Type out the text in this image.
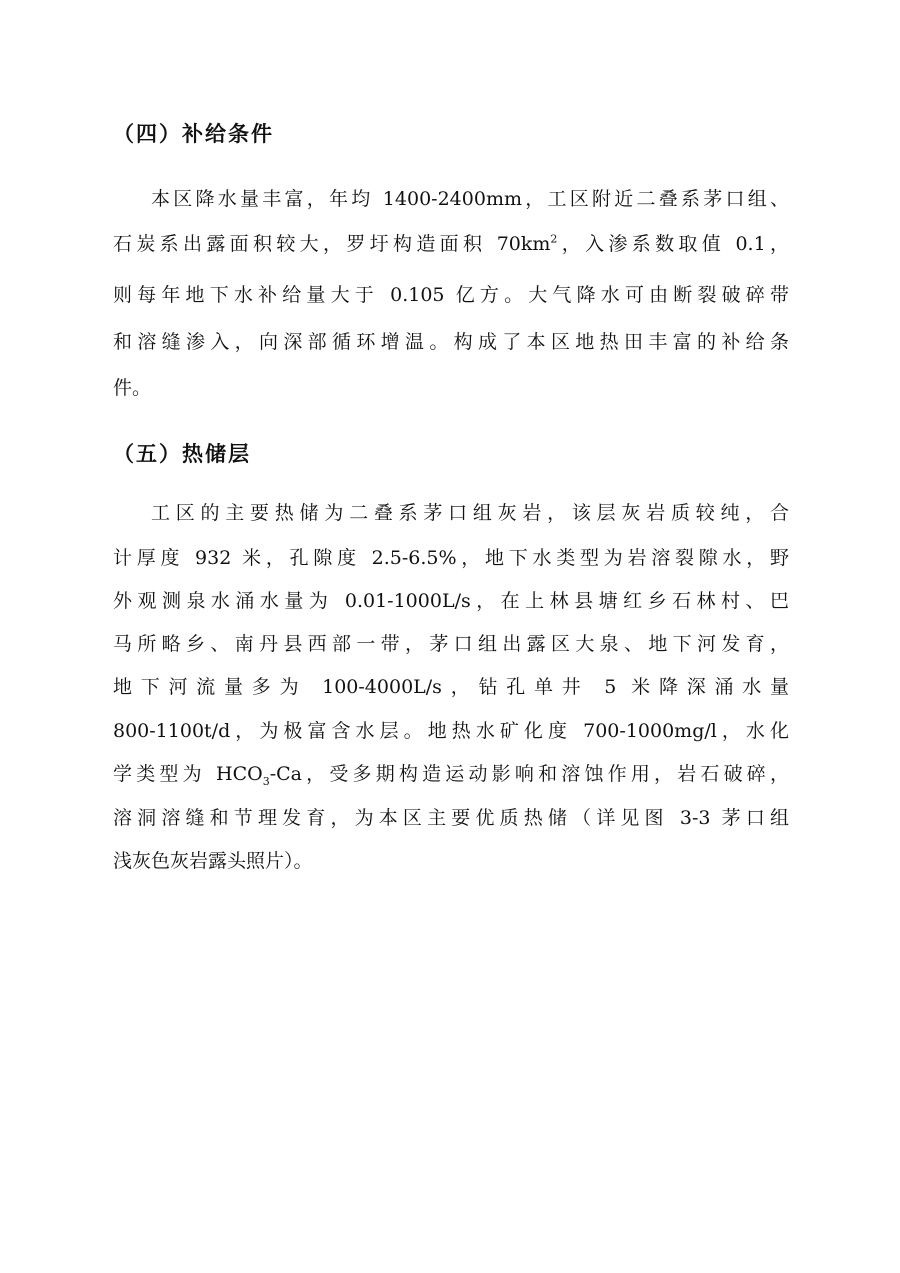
（四）补给条件
本区降水量丰富，年均 1400-2400mm，工区附近二叠系茅口组、
石炭系出露面积较大，罗圩构造面积 $70km^2$，入渗系数取值 0.1，
则每年地下水补给量大于 0.105 亿方。大气降水可由断裂破碎带
和溶缝渗入，向深部循环增温。构成了本区地热田丰富的补给条
件。
（五）热储层
工区的主要热储为二叠系茅口组灰岩，该层灰岩质较纯，合
计厚度 932 米，孔隙度 2.5-6.5%，地下水类型为岩溶裂隙水，野
外观测泉水涌水量为 0.01-1000L/s，在上林县塘红乡石林村、巴
马所略乡、南丹县西部一带，茅口组出露区大泉、地下河发育，
地下河流量多为 100-4000L/s，钻孔单井 5 米降深涌水量
800-1100t/d，为极富含水层。地热水矿化度 700-1000mg/l，水化
学类型为 $HCO_3-Ca$，受多期构造运动影响和溶蚀作用，岩石破碎，
溶洞溶缝和节理发育，为本区主要优质热储（详见图 3-3 茅口组
浅灰色灰岩露头照片）。
